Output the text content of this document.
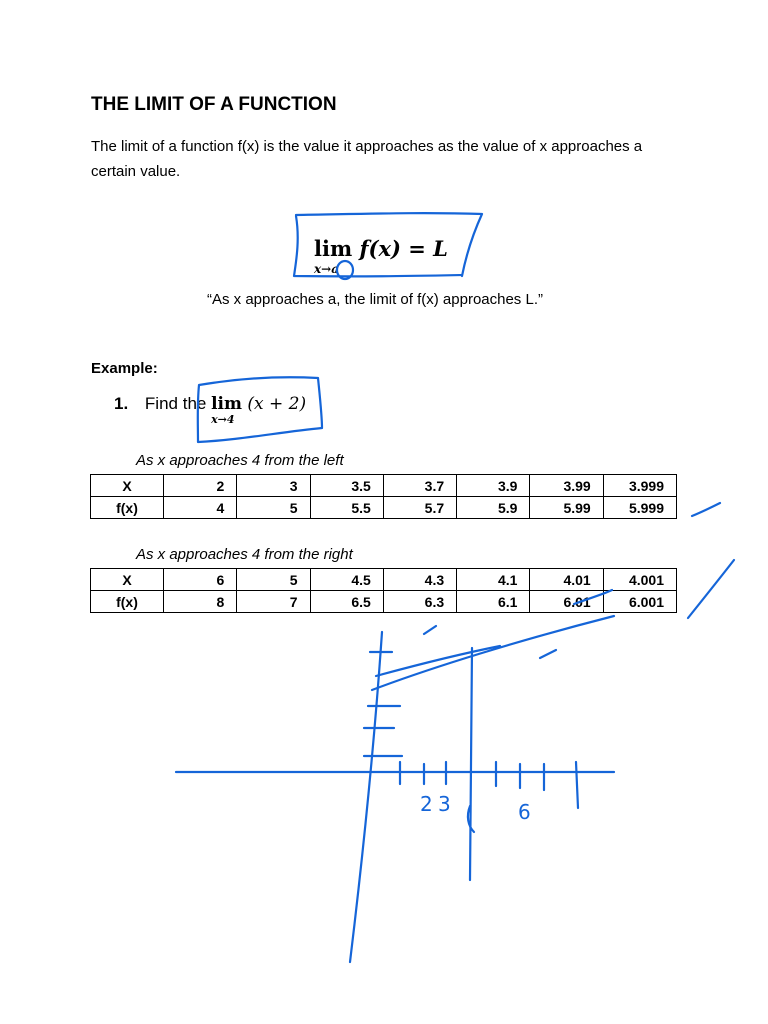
THE LIMIT OF A FUNCTION

The limit of a function f(x) is the value it approaches as the value of x approaches a certain value.

lim
x→a
f(x) = L

“As x approaches a, the limit of f(x) approaches L.”

Example:

1. Find the lim
x→4
(x + 2)

As x approaches 4 from the left

X	2	3	3.5	3.7	3.9	3.99	3.999
f(x)	4	5	5.5	5.7	5.9	5.99	5.999

As x approaches 4 from the right

X	6	5	4.5	4.3	4.1	4.01	4.001
f(x)	8	7	6.5	6.3	6.1	6.01	6.001
2 3	6
